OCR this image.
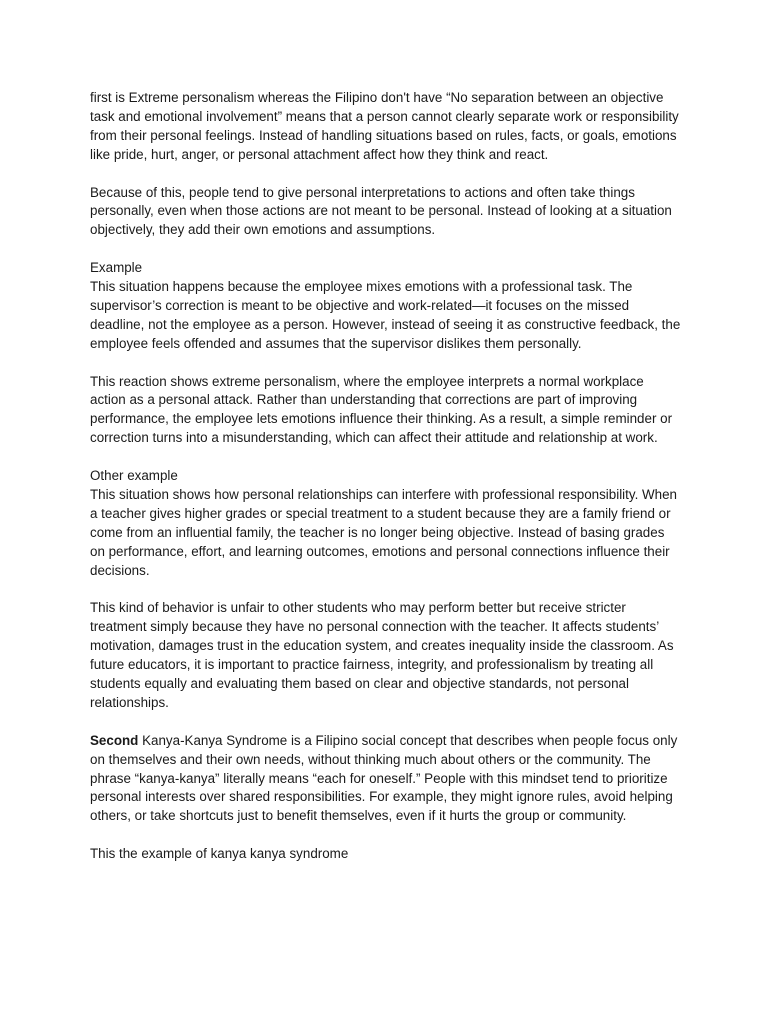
first is Extreme personalism whereas the Filipino don't have “No separation between an objective task and emotional involvement” means that a person cannot clearly separate work or responsibility from their personal feelings. Instead of handling situations based on rules, facts, or goals, emotions like pride, hurt, anger, or personal attachment affect how they think and react.

Because of this, people tend to give personal interpretations to actions and often take things personally, even when those actions are not meant to be personal. Instead of looking at a situation objectively, they add their own emotions and assumptions.

Example

This situation happens because the employee mixes emotions with a professional task. The supervisor’s correction is meant to be objective and work-related—it focuses on the missed deadline, not the employee as a person. However, instead of seeing it as constructive feedback, the employee feels offended and assumes that the supervisor dislikes them personally.

This reaction shows extreme personalism, where the employee interprets a normal workplace action as a personal attack. Rather than understanding that corrections are part of improving performance, the employee lets emotions influence their thinking. As a result, a simple reminder or correction turns into a misunderstanding, which can affect their attitude and relationship at work.

Other example

This situation shows how personal relationships can interfere with professional responsibility. When a teacher gives higher grades or special treatment to a student because they are a family friend or come from an influential family, the teacher is no longer being objective. Instead of basing grades on performance, effort, and learning outcomes, emotions and personal connections influence their decisions.

This kind of behavior is unfair to other students who may perform better but receive stricter treatment simply because they have no personal connection with the teacher. It affects students’ motivation, damages trust in the education system, and creates inequality inside the classroom. As future educators, it is important to practice fairness, integrity, and professionalism by treating all students equally and evaluating them based on clear and objective standards, not personal relationships.

Second Kanya-Kanya Syndrome is a Filipino social concept that describes when people focus only on themselves and their own needs, without thinking much about others or the community. The phrase “kanya-kanya” literally means “each for oneself.” People with this mindset tend to prioritize personal interests over shared responsibilities. For example, they might ignore rules, avoid helping others, or take shortcuts just to benefit themselves, even if it hurts the group or community.

This the example of kanya kanya syndrome
